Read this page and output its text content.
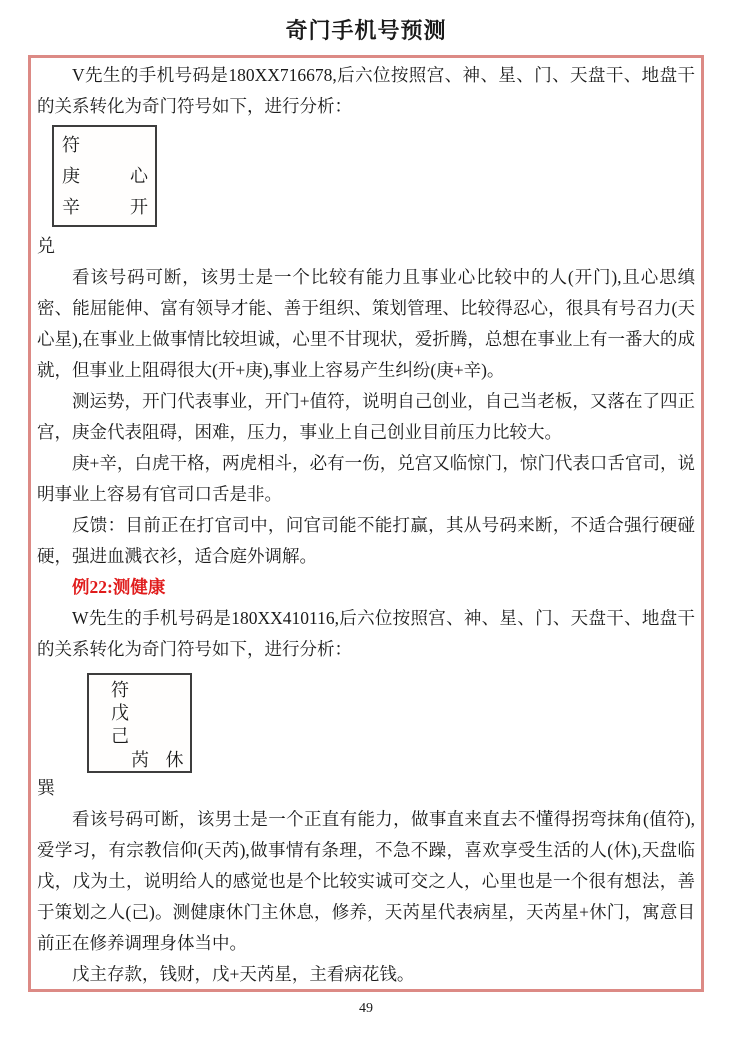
奇门手机号预测

V先生的手机号码是180XX716678,后六位按照宫、神、星、门、天盘干、地盘干的关系转化为奇门符号如下，进行分析：

符
庚	心
辛	开
兑

看该号码可断，该男士是一个比较有能力且事业心比较中的人(开门),且心思缜密、能屈能伸、富有领导才能、善于组织、策划管理、比较得忍心，很具有号召力(天心星),在事业上做事情比较坦诚，心里不甘现状，爱折腾，总想在事业上有一番大的成就，但事业上阻碍很大(开+庚),事业上容易产生纠纷(庚+辛)。

测运势，开门代表事业，开门+值符，说明自己创业，自己当老板，又落在了四正宫，庚金代表阻碍，困难，压力，事业上自己创业目前压力比较大。

庚+辛，白虎干格，两虎相斗，必有一伤，兑宫又临惊门，惊门代表口舌官司，说明事业上容易有官司口舌是非。

反馈：目前正在打官司中，问官司能不能打赢，其从号码来断，不适合强行硬碰硬，强进血溅衣衫，适合庭外调解。

例22:测健康

W先生的手机号码是180XX410116,后六位按照宫、神、星、门、天盘干、地盘干的关系转化为奇门符号如下，进行分析：

符
戊
己
芮 休
巽

看该号码可断，该男士是一个正直有能力，做事直来直去不懂得拐弯抹角(值符),爱学习，有宗教信仰(天芮),做事情有条理，不急不躁，喜欢享受生活的人(休),天盘临戊，戊为土，说明给人的感觉也是个比较实诚可交之人，心里也是一个很有想法，善于策划之人(己)。测健康休门主休息，修养，天芮星代表病星，天芮星+休门，寓意目 前正在修养调理身体当中。

戊主存款，钱财，戊+天芮星，主看病花钱。

49
